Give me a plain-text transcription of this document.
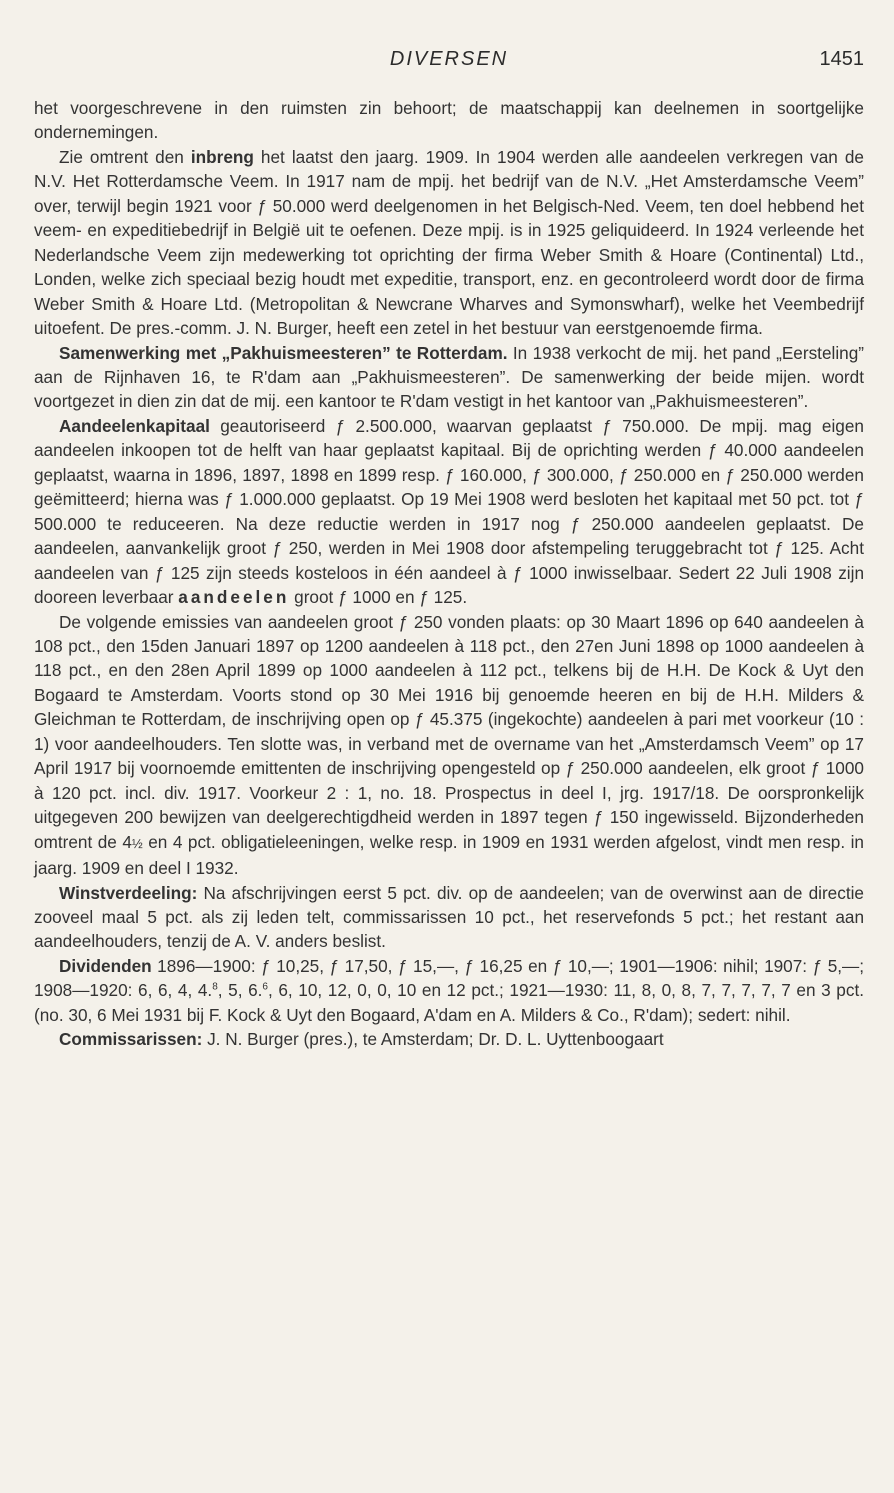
DIVERSEN	1451

het voorgeschrevene in den ruimsten zin behoort; de maatschappij kan deelnemen in soortgelijke ondernemingen.

Zie omtrent den inbreng het laatst den jaarg. 1909. In 1904 werden alle aandeelen verkregen van de N.V. Het Rotterdamsche Veem. In 1917 nam de mpij. het bedrijf van de N.V. „Het Amsterdamsche Veem” over, terwijl begin 1921 voor ƒ 50.000 werd deelgenomen in het Belgisch-Ned. Veem, ten doel hebbend het veem- en expeditiebedrijf in België uit te oefenen. Deze mpij. is in 1925 geliquideerd. In 1924 verleende het Nederlandsche Veem zijn medewerking tot oprichting der firma Weber Smith & Hoare (Continental) Ltd., Londen, welke zich speciaal bezig houdt met expeditie, transport, enz. en gecontroleerd wordt door de firma Weber Smith & Hoare Ltd. (Metropolitan & Newcrane Wharves and Symonswharf), welke het Veembedrijf uitoefent. De pres.-comm. J. N. Burger, heeft een zetel in het bestuur van eerstgenoemde firma.

Samenwerking met „Pakhuismeesteren” te Rotterdam. In 1938 verkocht de mij. het pand „Eersteling” aan de Rijnhaven 16, te R'dam aan „Pakhuismeesteren”. De samenwerking der beide mijen. wordt voortgezet in dien zin dat de mij. een kantoor te R'dam vestigt in het kantoor van „Pakhuismeesteren”.

Aandeelenkapitaal geautoriseerd ƒ 2.500.000, waarvan geplaatst ƒ 750.000. De mpij. mag eigen aandeelen inkoopen tot de helft van haar geplaatst kapitaal. Bij de oprichting werden ƒ 40.000 aandeelen geplaatst, waarna in 1896, 1897, 1898 en 1899 resp. ƒ 160.000, ƒ 300.000, ƒ 250.000 en ƒ 250.000 werden geëmitteerd; hierna was ƒ 1.000.000 geplaatst. Op 19 Mei 1908 werd besloten het kapitaal met 50 pct. tot ƒ 500.000 te reduceeren. Na deze reductie werden in 1917 nog ƒ 250.000 aandeelen geplaatst. De aandeelen, aanvankelijk groot ƒ 250, werden in Mei 1908 door afstempeling teruggebracht tot ƒ 125. Acht aandeelen van ƒ 125 zijn steeds kosteloos in één aandeel à ƒ 1000 inwisselbaar. Sedert 22 Juli 1908 zijn dooreen leverbaar aandeelen groot ƒ 1000 en ƒ 125.

De volgende emissies van aandeelen groot ƒ 250 vonden plaats: op 30 Maart 1896 op 640 aandeelen à 108 pct., den 15den Januari 1897 op 1200 aandeelen à 118 pct., den 27en Juni 1898 op 1000 aandeelen à 118 pct., en den 28en April 1899 op 1000 aandeelen à 112 pct., telkens bij de H.H. De Kock & Uyt den Bogaard te Amsterdam. Voorts stond op 30 Mei 1916 bij genoemde heeren en bij de H.H. Milders & Gleichman te Rotterdam, de inschrijving open op ƒ 45.375 (ingekochte) aandeelen à pari met voorkeur (10 : 1) voor aandeelhouders. Ten slotte was, in verband met de overname van het „Amsterdamsch Veem” op 17 April 1917 bij voornoemde emittenten de inschrijving opengesteld op ƒ 250.000 aandeelen, elk groot ƒ 1000 à 120 pct. incl. div. 1917. Voorkeur 2 : 1, no. 18. Prospectus in deel I, jrg. 1917/18. De oorspronkelijk uitgegeven 200 bewijzen van deelgerechtigdheid werden in 1897 tegen ƒ 150 ingewisseld. Bijzonderheden omtrent de 4½ en 4 pct. obligatieleeningen, welke resp. in 1909 en 1931 werden afgelost, vindt men resp. in jaarg. 1909 en deel I 1932.

Winstverdeeling: Na afschrijvingen eerst 5 pct. div. op de aandeelen; van de overwinst aan de directie zooveel maal 5 pct. als zij leden telt, commissarissen 10 pct., het reservefonds 5 pct.; het restant aan aandeelhouders, tenzij de A. V. anders beslist.

Dividenden 1896—1900: ƒ 10,25, ƒ 17,50, ƒ 15,—, ƒ 16,25 en ƒ 10,—; 1901—1906: nihil; 1907: ƒ 5,—; 1908—1920: 6, 6, 4, 4.$^8$, 5, 6.$^6$, 6, 10, 12, 0, 0, 10 en 12 pct.; 1921—1930: 11, 8, 0, 8, 7, 7, 7, 7, 7 en 3 pct. (no. 30, 6 Mei 1931 bij F. Kock & Uyt den Bogaard, A'dam en A. Milders & Co., R'dam); sedert: nihil.

Commissarissen: J. N. Burger (pres.), te Amsterdam; Dr. D. L. Uyttenboogaart
